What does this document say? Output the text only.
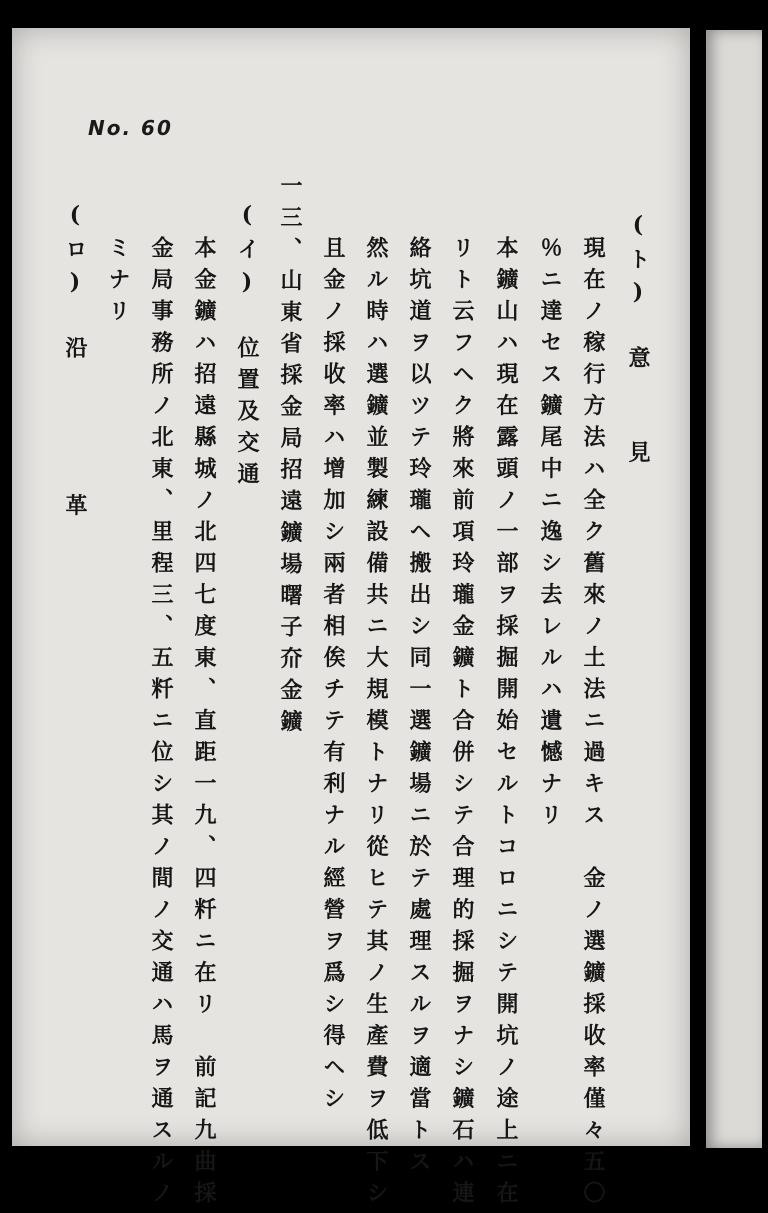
No. 60
(ト)　意　　見
現在ノ稼行方法ハ全ク舊來ノ土法ニ過キス　金ノ選鑛採收率僅々五〇
％ニ達セス鑛尾中ニ逸シ去レルハ遺憾ナリ
本鑛山ハ現在露頭ノ一部ヲ採掘開始セルトコロニシテ開坑ノ途上ニ在
リト云フヘク將來前項玲瓏金鑛ト合併シテ合理的採掘ヲナシ鑛石ハ連
絡坑道ヲ以ツテ玲瓏ヘ搬出シ同一選鑛場ニ於テ處理スルヲ適當トス
然ル時ハ選鑛並製練設備共ニ大規模トナリ從ヒテ其ノ生產費ヲ低下シ
且金ノ採收率ハ增加シ兩者相俟チテ有利ナル經營ヲ爲シ得ヘシ
一三、山東省採金局招遠鑛場曙子夼金鑛
(イ)　位置及交通
本金鑛ハ招遠縣城ノ北四七度東、直距一九、四粁ニ在リ　前記九曲採
金局事務所ノ北東、里程三、五粁ニ位シ其ノ間ノ交通ハ馬ヲ通スルノ
ミナリ
(ロ)　沿　　　　革
